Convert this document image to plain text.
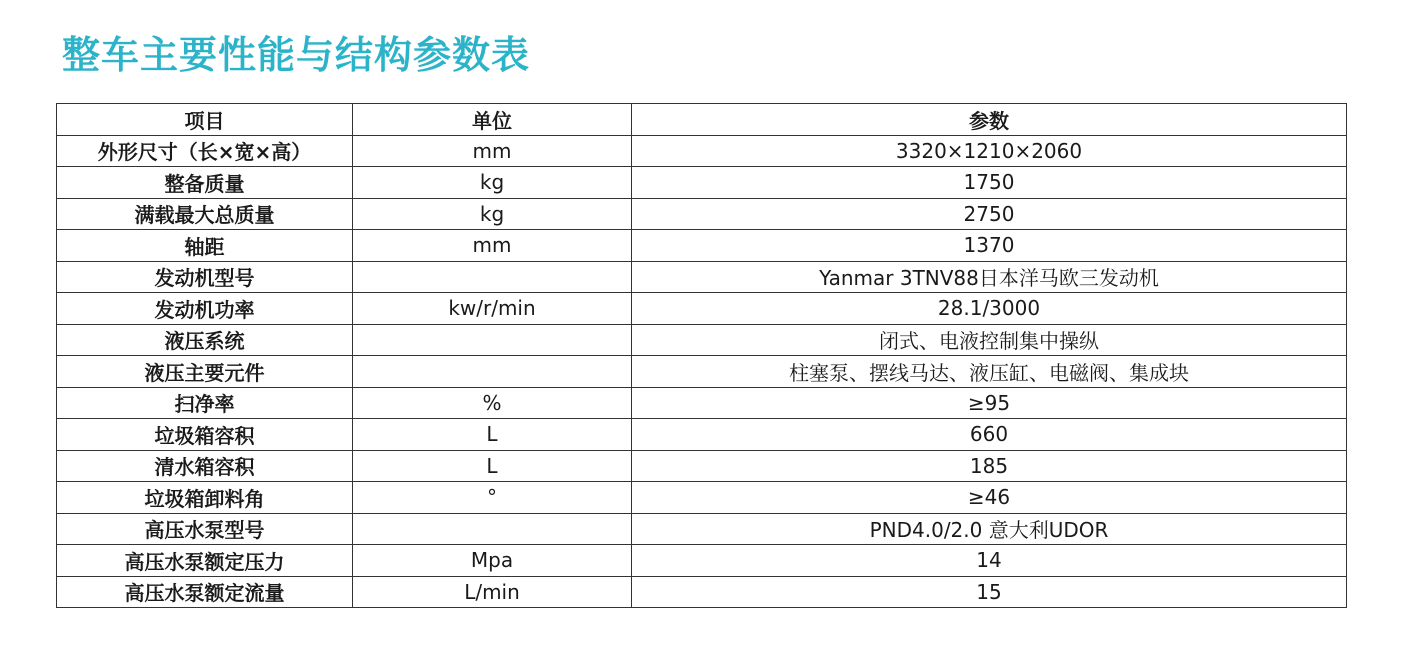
整车主要性能与结构参数表
项目	单位	参数
外形尺寸（长×宽×高）	mm	3320×1210×2060
整备质量	kg	1750
满载最大总质量	kg	2750
轴距	mm	1370
发动机型号		Yanmar 3TNV88日本洋马欧三发动机
发动机功率	kw/r/min	28.1/3000
液压系统		闭式、电液控制集中操纵
液压主要元件		柱塞泵、摆线马达、液压缸、电磁阀、集成块
扫净率	%	≥95
垃圾箱容积	L	660
清水箱容积	L	185
垃圾箱卸料角	°	≥46
高压水泵型号		PND4.0/2.0 意大利UDOR
高压水泵额定压力	Mpa	14
高压水泵额定流量	L/min	15
